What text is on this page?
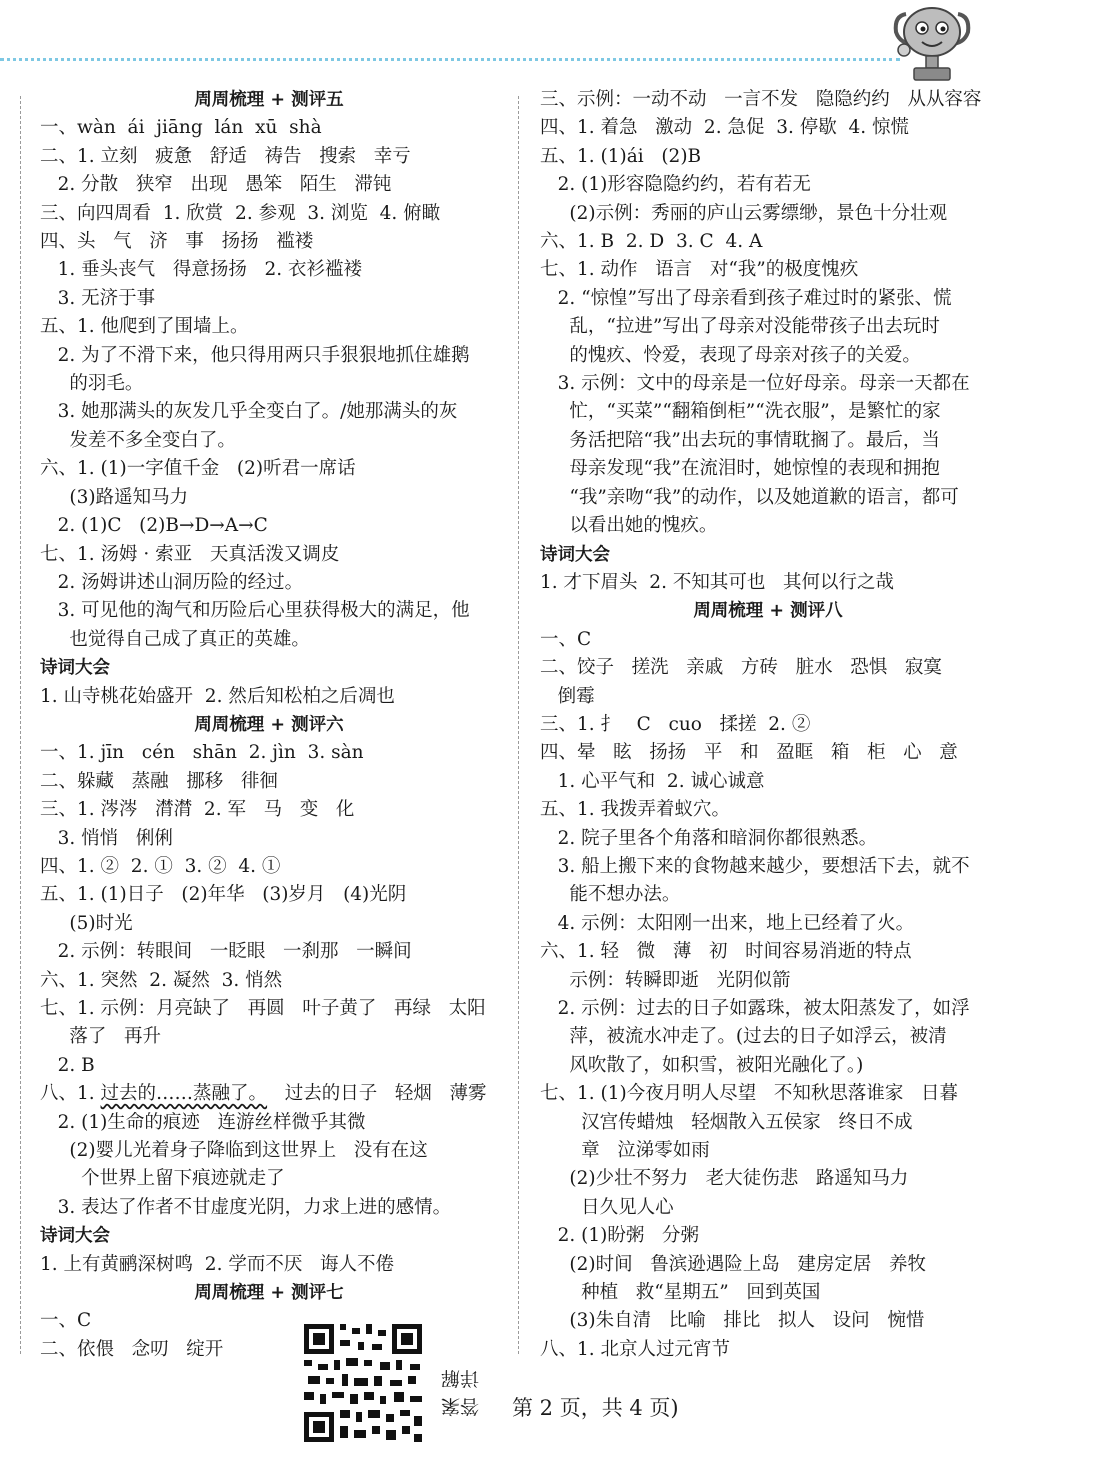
周周梳理 + 测评五
一、wàn  ái  jiāng  lán  xū  shà
二、1. 立刻   疲惫   舒适   祷告   搜索   幸亏
2. 分散   狭窄   出现   愚笨   陌生   滞钝
三、向四周看  1. 欣赏  2. 参观  3. 浏览  4. 俯瞰
四、头   气   济   事   扬扬   褴褛
1. 垂头丧气   得意扬扬   2. 衣衫褴褛
3. 无济于事
五、1. 他爬到了围墙上。
2. 为了不滑下来，他只得用两只手狠狠地抓住雄鹅
的羽毛。
3. 她那满头的灰发几乎全变白了。/她那满头的灰
发差不多全变白了。
六、1. (1)一字值千金   (2)听君一席话
(3)路遥知马力
2. (1)C   (2)B→D→A→C
七、1. 汤姆 · 索亚   天真活泼又调皮
2. 汤姆讲述山洞历险的经过。
3. 可见他的淘气和历险后心里获得极大的满足，他
也觉得自己成了真正的英雄。
诗词大会
1. 山寺桃花始盛开  2. 然后知松柏之后凋也
周周梳理 + 测评六
一、1. jīn   cén   shān  2. jìn  3. sàn
二、躲藏   蒸融   挪移   徘徊
三、1. 涔涔   潸潸  2. 军   马   变   化
3. 悄悄   俐俐
四、1. ②  2. ①  3. ②  4. ①
五、1. (1)日子   (2)年华   (3)岁月   (4)光阴
(5)时光
2. 示例：转眼间   一眨眼   一刹那   一瞬间
六、1. 突然  2. 凝然  3. 悄然
七、1. 示例：月亮缺了   再圆   叶子黄了   再绿   太阳
落了   再升
2. B
八、1. 过去的……蒸融了。   过去的日子   轻烟   薄雾
2. (1)生命的痕迹   连游丝样微乎其微
(2)婴儿光着身子降临到这世界上   没有在这
个世界上留下痕迹就走了
3. 表达了作者不甘虚度光阴，力求上进的感情。
诗词大会
1. 上有黄鹂深树鸣  2. 学而不厌   诲人不倦
周周梳理 + 测评七
一、C
二、依偎   念叨   绽开
三、示例：一动不动   一言不发   隐隐约约   从从容容
四、1. 着急   激动  2. 急促  3. 停歇  4. 惊慌
五、1. (1)ái   (2)B
2. (1)形容隐隐约约，若有若无
(2)示例：秀丽的庐山云雾缥缈，景色十分壮观
六、1. B  2. D  3. C  4. A
七、1. 动作   语言   对“我”的极度愧疚
2. “惊惶”写出了母亲看到孩子难过时的紧张、慌
乱，“拉进”写出了母亲对没能带孩子出去玩时
的愧疚、怜爱，表现了母亲对孩子的关爱。
3. 示例：文中的母亲是一位好母亲。母亲一天都在
忙，“买菜”“翻箱倒柜”“洗衣服”，是繁忙的家
务活把陪“我”出去玩的事情耽搁了。最后，当
母亲发现“我”在流泪时，她惊惶的表现和拥抱
“我”亲吻“我”的动作，以及她道歉的语言，都可
以看出她的愧疚。
诗词大会
1. 才下眉头  2. 不知其可也   其何以行之哉
周周梳理 + 测评八
一、C
二、饺子   搓洗   亲戚   方砖   脏水   恐惧   寂寞
倒霉
三、1. 扌   C   cuo   揉搓  2. ②
四、晕   眩   扬扬   平   和   盈眶   箱   柜   心   意
1. 心平气和  2. 诚心诚意
五、1. 我拨弄着蚁穴。
2. 院子里各个角落和暗洞你都很熟悉。
3. 船上搬下来的食物越来越少，要想活下去，就不
能不想办法。
4. 示例：太阳刚一出来，地上已经着了火。
六、1. 轻   微   薄   初   时间容易消逝的特点
示例：转瞬即逝   光阴似箭
2. 示例：过去的日子如露珠，被太阳蒸发了，如浮
萍，被流水冲走了。(过去的日子如浮云，被清
风吹散了，如积雪，被阳光融化了。)
七、1. (1)今夜月明人尽望   不知秋思落谁家   日暮
汉宫传蜡烛   轻烟散入五侯家   终日不成
章   泣涕零如雨
(2)少壮不努力   老大徒伤悲   路遥知马力
日久见人心
2. (1)盼粥   分粥
(2)时间   鲁滨逊遇险上岛   建房定居   养牧
种植   救“星期五”   回到英国
(3)朱自清   比喻   排比   拟人   设问   惋惜
八、1. 北京人过元宵节
答案
详解
第 2 页，共 4 页)
